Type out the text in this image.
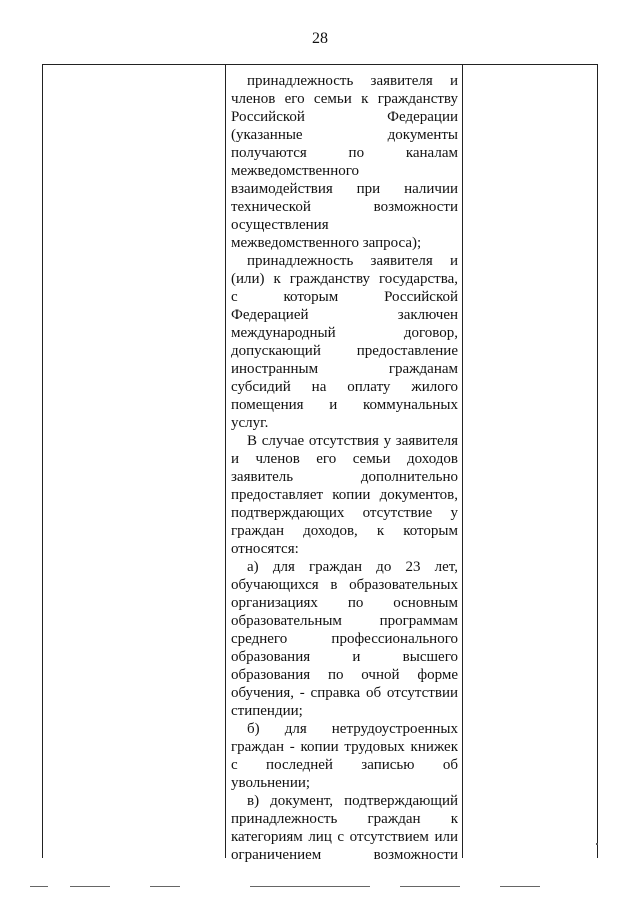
28
принадлежность заявителя и
членов его семьи к гражданству
Российской Федерации
(указанные документы
получаются по каналам
межведомственного
взаимодействия при наличии
технической возможности
осуществления
межведомственного запроса);
принадлежность заявителя и
(или) к гражданству государства,
с которым Российской
Федерацией заключен
международный договор,
допускающий предоставление
иностранным гражданам
субсидий на оплату жилого
помещения и коммунальных
услуг.
В случае отсутствия у заявителя
и членов его семьи доходов
заявитель дополнительно
предоставляет копии документов,
подтверждающих отсутствие у
граждан доходов, к которым
относятся:
а) для граждан до 23 лет,
обучающихся в образовательных
организациях по основным
образовательным программам
среднего профессионального
образования и высшего
образования по очной форме
обучения, - справка об отсутствии
стипендии;
б) для нетрудоустроенных
граждан - копии трудовых книжек
с последней записью об
увольнении;
в) документ, подтверждающий
принадлежность граждан к
категориям лиц с отсутствием или
ограничением возможности
